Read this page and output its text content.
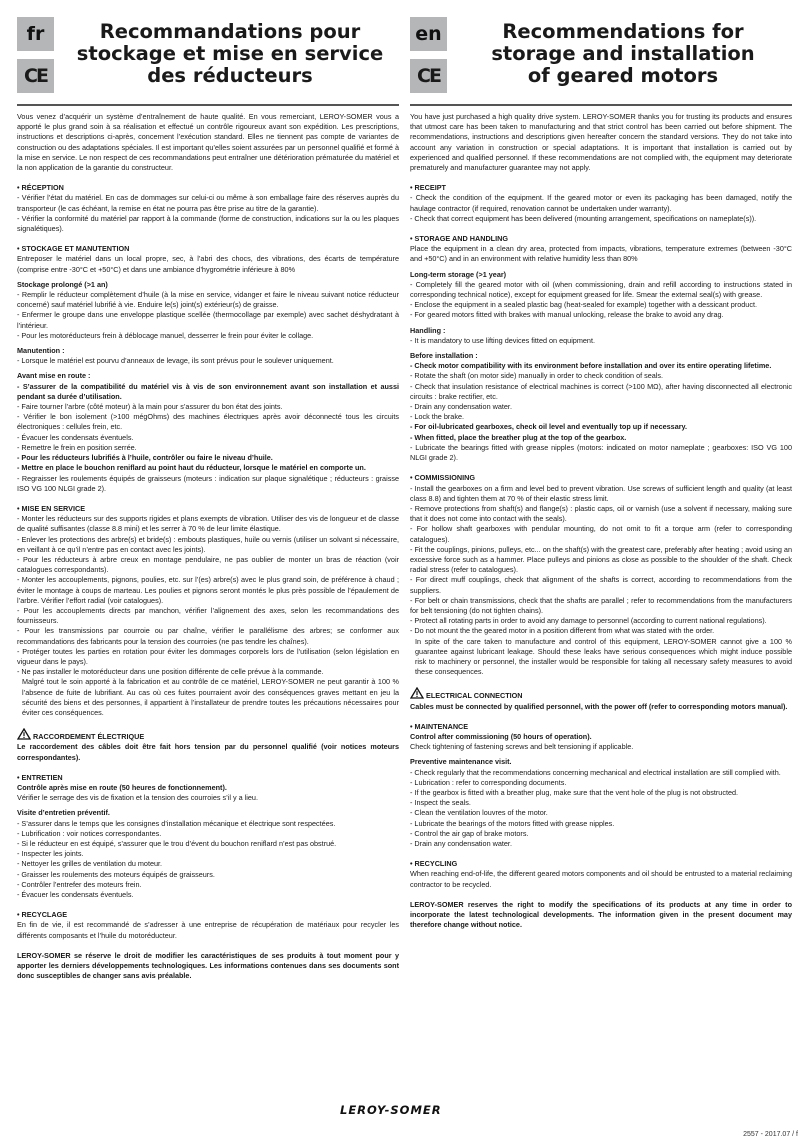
fr
CE
Recommandations pour
stockage et mise en service
des réducteurs

Vous venez d’acquérir un système d’entraînement de haute qualité. En vous remerciant, LEROY-SOMER vous a apporté le plus grand soin à sa réalisation et effectué un contrôle rigoureux avant son expédition. Les prescriptions, instructions et descriptions ci-après, concernent l’exécution standard. Elles ne tiennent pas compte de variantes de construction ou des adaptations spéciales. Il est important qu’elles soient assurées par un personnel qualifié et formé à la mise en service. Le non respect de ces recommandations peut entraîner une détérioration prématurée du matériel et la non application de la garantie du constructeur.

• RÉCEPTION

- Vérifier l’état du matériel. En cas de dommages sur celui-ci ou même à son emballage faire des réserves auprès du transporteur (le cas échéant, la remise en état ne pourra pas être prise au titre de la garantie).

- Vérifier la conformité du matériel par rapport à la commande (forme de construction, indications sur la ou les plaques signalétiques).

• STOCKAGE ET MANUTENTION

Entreposer le matériel dans un local propre, sec, à l’abri des chocs, des vibrations, des écarts de température (comprise entre -30°C et +50°C) et dans une ambiance d’hygrométrie inférieure à 80%

Stockage prolongé (>1 an)

- Remplir le réducteur complètement d’huile (à la mise en service, vidanger et faire le niveau suivant notice réducteur concerné) sauf matériel lubrifié à vie. Enduire le(s) joint(s) extérieur(s) de graisse.

- Enfermer le groupe dans une enveloppe plastique scellée (thermocollage par exemple) avec sachet déshydratant à l’intérieur.

- Pour les motoréducteurs frein à déblocage manuel, desserrer le frein pour éviter le collage.

Manutention :

- Lorsque le matériel est pourvu d’anneaux de levage, ils sont prévus pour le soulever uniquement.

Avant mise en route :

- S’assurer de la compatibilité du matériel vis à vis de son environnement avant son installation et aussi pendant sa durée d’utilisation.

- Faire tourner l’arbre (côté moteur) à la main pour s’assurer du bon état des joints.

- Vérifier le bon isolement (>100 mégOhms) des machines électriques après avoir déconnecté tous les circuits électroniques : cellules frein, etc.

- Évacuer les condensats éventuels.

- Remettre le frein en position serrée.

- Pour les réducteurs lubrifiés à l’huile, contrôler ou faire le niveau d’huile.

- Mettre en place le bouchon reniflard au point haut du réducteur, lorsque le matériel en comporte un.

- Regraisser les roulements équipés de graisseurs (moteurs : indication sur plaque signalétique ; réducteurs : graisse ISO VG 100 NLGI grade 2).

• MISE EN SERVICE

- Monter les réducteurs sur des supports rigides et plans exempts de vibration. Utiliser des vis de longueur et de classe de qualité suffisantes (classe 8.8 mini) et les serrer à 70 % de leur limite élastique.

- Enlever les protections des arbre(s) et bride(s) : embouts plastiques, huile ou vernis (utiliser un solvant si nécessaire, en veillant à ce qu’il n’entre pas en contact avec les joints).

- Pour les réducteurs à arbre creux en montage pendulaire, ne pas oublier de monter un bras de réaction (voir catalogues correspondants).

- Monter les accouplements, pignons, poulies, etc. sur l’(es) arbre(s) avec le plus grand soin, de préférence à chaud ; éviter le montage à coups de marteau. Les poulies et pignons seront montés le plus près possible de l’épaulement de l’arbre. Vérifier l’effort radial (voir catalogues).

- Pour les accouplements directs par manchon, vérifier l’alignement des axes, selon les recommandations des fournisseurs.

- Pour les transmissions par courroie ou par chaîne, vérifier le parallélisme des arbres; se conformer aux recommandations des fabricants pour la tension des courroies (ne pas tendre les chaînes).

- Protéger toutes les parties en rotation pour éviter les dommages corporels lors de l’utilisation (selon législation en vigueur dans le pays).

- Ne pas installer le motoréducteur dans une position différente de celle prévue à la commande.

Malgré tout le soin apporté à la fabrication et au contrôle de ce matériel, LEROY-SOMER ne peut garantir à 100 % l’absence de fuite de lubrifiant. Au cas où ces fuites pourraient avoir des conséquences graves mettant en jeu la sécurité des biens et des personnes, il appartient à l’installateur de prendre toutes les précautions nécessaires pour éviter ces conséquences.

RACCORDEMENT ÉLECTRIQUE

Le raccordement des câbles doit être fait hors tension par du personnel qualifié (voir notices moteurs correspondantes).

• ENTRETIEN

Contrôle après mise en route (50 heures de fonctionnement).

Vérifier le serrage des vis de fixation et la tension des courroies s’il y a lieu.

Visite d’entretien préventif.

- S’assurer dans le temps que les consignes d’installation mécanique et électrique sont respectées.

- Lubrification : voir notices correspondantes.

- Si le réducteur en est équipé, s’assurer que le trou d’évent du bouchon reniflard n’est pas obstrué.

- Inspecter les joints.

- Nettoyer les grilles de ventilation du moteur.

- Graisser les roulements des moteurs équipés de graisseurs.

- Contrôler l’entrefer des moteurs frein.

- Évacuer les condensats éventuels.

• RECYCLAGE

En fin de vie, il est recommandé de s’adresser à une entreprise de récupération de matériaux pour recycler les différents composants et l’huile du motoréducteur.

LEROY-SOMER se réserve le droit de modifier les caractéristiques de ses produits à tout moment pour y apporter les derniers développements technologiques. Les informations contenues dans ses documents sont donc susceptibles de changer sans avis préalable.

en
CE
Recommendations for
storage and installation
of geared motors

You have just purchased a high quality drive system. LEROY-SOMER thanks you for trusting its products and ensures that utmost care has been taken to manufacturing and that strict control has been carried out before shipment. The recommendations, instructions and descriptions given hereafter concern the standard versions. They do not take into account any variation in construction or special adaptations. It is important that installation is carried out by experienced and qualified personnel. If these recommendations are not complied with, the equipment may deteriorate prematurely and manufacturer guarantee may not apply.

• RECEIPT

- Check the condition of the equipment. If the geared motor or even its packaging has been damaged, notify the haulage contractor (if required, renovation cannot be undertaken under warranty).

- Check that correct equipment has been delivered (mounting arrangement, specifications on nameplate(s)).

• STORAGE AND HANDLING

Place the equipment in a clean dry area, protected from impacts, vibrations, temperature extremes (between -30°C and +50°C) and in an environment with relative humidity less than 80%

Long-term storage (>1 year)

- Completely fill the geared motor with oil (when commissioning, drain and refill according to instructions stated in corresponding technical notice), except for equipment greased for life. Smear the external seal(s) with grease.

- Enclose the equipment in a sealed plastic bag (heat-sealed for example) together with a dessicant product.

- For geared motors fitted with brakes with manual unlocking, release the brake to avoid any drag.

Handling :

- It is mandatory to use lifting devices fitted on equipment.

Before installation :

- Check motor compatibility with its environment before installation and over its entire operating lifetime.

- Rotate the shaft (on motor side) manually in order to check condition of seals.

- Check that insulation resistance of electrical machines is correct (>100 MΩ), after having disconnected all electronic circuits : brake rectifier, etc.

- Drain any condensation water.

- Lock the brake.

- For oil-lubricated gearboxes, check oil level and eventually top up if necessary.

- When fitted, place the breather plug at the top of the gearbox.

- Lubricate the bearings fitted with grease nipples (motors: indicated on motor nameplate ; gearboxes: ISO VG 100 NLGI grade 2).

• COMMISSIONING

- Install the gearboxes on a firm and level bed to prevent vibration. Use screws of sufficient length and quality (at least class 8.8) and tighten them at 70 % of their elastic stress limit.

- Remove protections from shaft(s) and flange(s) : plastic caps, oil or varnish (use a solvent if necessary, making sure that it does not come into contact with the seals).

- For hollow shaft gearboxes with pendular mounting, do not omit to fit a torque arm (refer to corresponding catalogues).

- Fit the couplings, pinions, pulleys, etc... on the shaft(s) with the greatest care, preferably after heating ; avoid using an excessive force such as a hammer. Place pulleys and pinions as close as possible to the shoulder of the shaft. Check radial stress (refer to catalogues).

- For direct muff couplings, check that alignment of the shafts is correct, according to recommendations from the suppliers.

- For belt or chain transmissions, check that the shafts are parallel ; refer to recommendations from the manufacturers for belt tensioning (do not tighten chains).

- Protect all rotating parts in order to avoid any damage to personnel (according to current national regulations).

- Do not mount the the geared motor in a position different from what was stated with the order.

In spite of the care taken to manufacture and control of this equipment, LEROY-SOMER cannot give a 100 % guarantee against lubricant leakage. Should these leaks have serious consequences which might induce possible risk to machinery or personnel, the installer would be responsible for taking all necessary safety measures to avoid these consequences.

ELECTRICAL CONNECTION

Cables must be connected by qualified personnel, with the power off (refer to corresponding motors manual).

• MAINTENANCE

Control after commissioning (50 hours of operation).

Check tightening of fastening screws and belt tensioning if applicable.

Preventive maintenance visit.

- Check regularly that the recommendations concerning mechanical and electrical installation are still complied with.

- Lubrication : refer to corresponding documents.

- If the gearbox is fitted with a breather plug, make sure that the vent hole of the plug is not obstructed.

- Inspect the seals.

- Clean the ventilation louvres of the motor.

- Lubricate the bearings of the motors fitted with grease nipples.

- Control the air gap of brake motors.

- Drain any condensation water.

• RECYCLING

When reaching end-of-life, the different geared motors components and oil should be entrusted to a material reclaiming contractor to be recycled.

LEROY-SOMER reserves the right to modify the specifications of its products at any time in order to incorporate the latest technological developments. The information given in the present document may therefore change without notice.

LEROY-SOMER
2557 - 2017.07 / f
